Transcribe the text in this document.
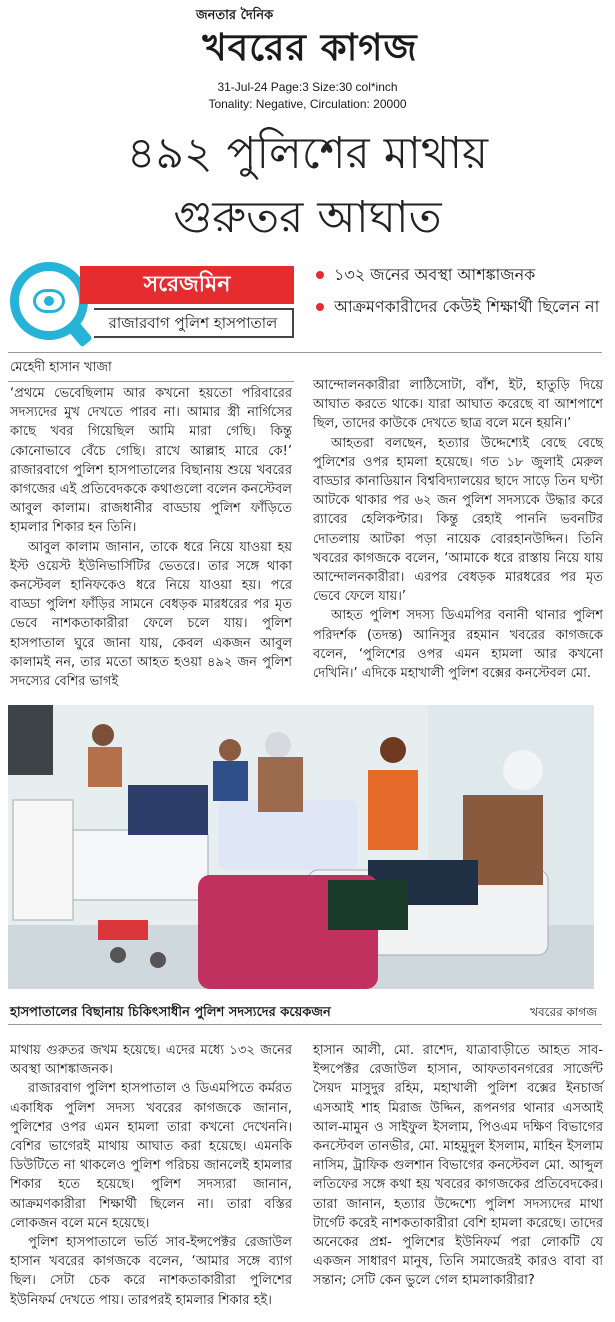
জনতার দৈনিক
খবরের কাগজ
31-Jul-24 Page:3 Size:30 col*inch
Tonality: Negative, Circulation: 20000
৪৯২ পুলিশের মাথায়
গুরুতর আঘাত
সরেজমিন
রাজারবাগ পুলিশ হাসপাতাল
১৩২ জনের অবস্থা আশঙ্কাজনক
আক্রমণকারীদের কেউই শিক্ষার্থী ছিলেন না
মেহেদী হাসান খাজা

‘প্রথমে ভেবেছিলাম আর কখনো হয়তো পরিবারের সদস্যদের মুখ দেখতে পারব না। আমার স্ত্রী নার্গিসের কাছে খবর গিয়েছিল আমি মারা গেছি। কিন্তু কোনোভাবে বেঁচে গেছি। রাখে আল্লাহ মারে কে!’ রাজারবাগে পুলিশ হাসপাতালের বিছানায় শুয়ে খবরের কাগজের এই প্রতিবেদককে কথাগুলো বলেন কনস্টেবল আবুল কালাম। রাজধানীর বাড্ডায় পুলিশ ফাঁড়িতে হামলার শিকার হন তিনি।

আবুল কালাম জানান, তাকে ধরে নিয়ে যাওয়া হয় ইস্ট ওয়েস্ট ইউনিভার্সিটির ভেতরে। তার সঙ্গে থাকা কনস্টেবল হানিফকেও ধরে নিয়ে যাওয়া হয়। পরে বাড্ডা পুলিশ ফাঁড়ির সামনে বেধড়ক মারধরের পর মৃত ভেবে নাশকতাকারীরা ফেলে চলে যায়। পুলিশ হাসপাতাল ঘুরে জানা যায়, কেবল একজন আবুল কালামই নন, তার মতো আহত হওয়া ৪৯২ জন পুলিশ সদস্যের বেশির ভাগই

আন্দোলনকারীরা লাঠিসোটা, বাঁশ, ইট, হাতুড়ি দিয়ে আঘাত করতে থাকে। যারা আঘাত করেছে বা আশপাশে ছিল, তাদের কাউকে দেখতে ছাত্র বলে মনে হয়নি।’

আহতরা বলছেন, হত্যার উদ্দেশ্যেই বেছে বেছে পুলিশের ওপর হামলা হয়েছে। গত ১৮ জুলাই মেরুল বাড্ডার কানাডিয়ান বিশ্ববিদ্যালয়ের ছাদে সাড়ে তিন ঘণ্টা আটকে থাকার পর ৬২ জন পুলিশ সদস্যকে উদ্ধার করে র‍্যাবের হেলিকপ্টার। কিন্তু রেহাই পাননি ভবনটির দোতলায় আটকা পড়া নায়েক বোরহানউদ্দিন। তিনি খবরের কাগজকে বলেন, ‘আমাকে ধরে রাস্তায় নিয়ে যায় আন্দোলনকারীরা। এরপর বেধড়ক মারধরের পর মৃত ভেবে ফেলে যায়।’

আহত পুলিশ সদস্য ডিএমপির বনানী থানার পুলিশ পরিদর্শক (তদন্ত) আনিসুর রহমান খবরের কাগজকে বলেন, ‘পুলিশের ওপর এমন হামলা আর কখনো দেখিনি।’ এদিকে মহাখালী পুলিশ বক্সের কনস্টেবল মো.

হাসপাতালের বিছানায় চিকিৎসাধীন পুলিশ সদস্যদের কয়েকজন	খবরের কাগজ

মাথায় গুরুতর জখম হয়েছে। এদের মধ্যে ১৩২ জনের অবস্থা আশঙ্কাজনক।

রাজারবাগ পুলিশ হাসপাতাল ও ডিএমপিতে কর্মরত একাধিক পুলিশ সদস্য খবরের কাগজকে জানান, পুলিশের ওপর এমন হামলা তারা কখনো দেখেননি। বেশির ভাগেরই মাথায় আঘাত করা হয়েছে। এমনকি ডিউটিতে না থাকলেও পুলিশ পরিচয় জানলেই হামলার শিকার হতে হয়েছে। পুলিশ সদস্যরা জানান, আক্রমণকারীরা শিক্ষার্থী ছিলেন না। তারা বস্তির লোকজন বলে মনে হয়েছে।

পুলিশ হাসপাতালে ভর্তি সাব-ইন্সপেক্টর রেজাউল হাসান খবরের কাগজকে বলেন, ‘আমার সঙ্গে ব্যাগ ছিল। সেটা চেক করে নাশকতাকারীরা পুলিশের ইউনিফর্ম দেখতে পায়। তারপরই হামলার শিকার হই।

হাসান আলী, মো. রাশেদ, যাত্রাবাড়ীতে আহত সাব-ইন্সপেক্টর রেজাউল হাসান, আফতাবনগরের সার্জেন্ট সৈয়দ মাসুদুর রহিম, মহাখালী পুলিশ বক্সের ইনচার্জ এসআই শাহ মিরাজ উদ্দিন, রূপনগর থানার এসআই আল-মামুন ও সাইফুল ইসলাম, পিওএম দক্ষিণ বিভাগের কনস্টেবল তানভীর, মো. মাহমুদুল ইসলাম, মাহিন ইসলাম নাসিম, ট্রাফিক গুলশান বিভাগের কনস্টেবল মো. আব্দুল লতিফের সঙ্গে কথা হয় খবরের কাগজকের প্রতিবেদকের। তারা জানান, হত্যার উদ্দেশ্যে পুলিশ সদস্যদের মাথা টার্গেট করেই নাশকতাকারীরা বেশি হামলা করেছে। তাদের অনেকের প্রশ্ন- পুলিশের ইউনিফর্ম পরা লোকটি যে একজন সাধারণ মানুষ, তিনি সমাজেরই কারও বাবা বা সন্তান; সেটি কেন ভুলে গেল হামলাকারীরা?
